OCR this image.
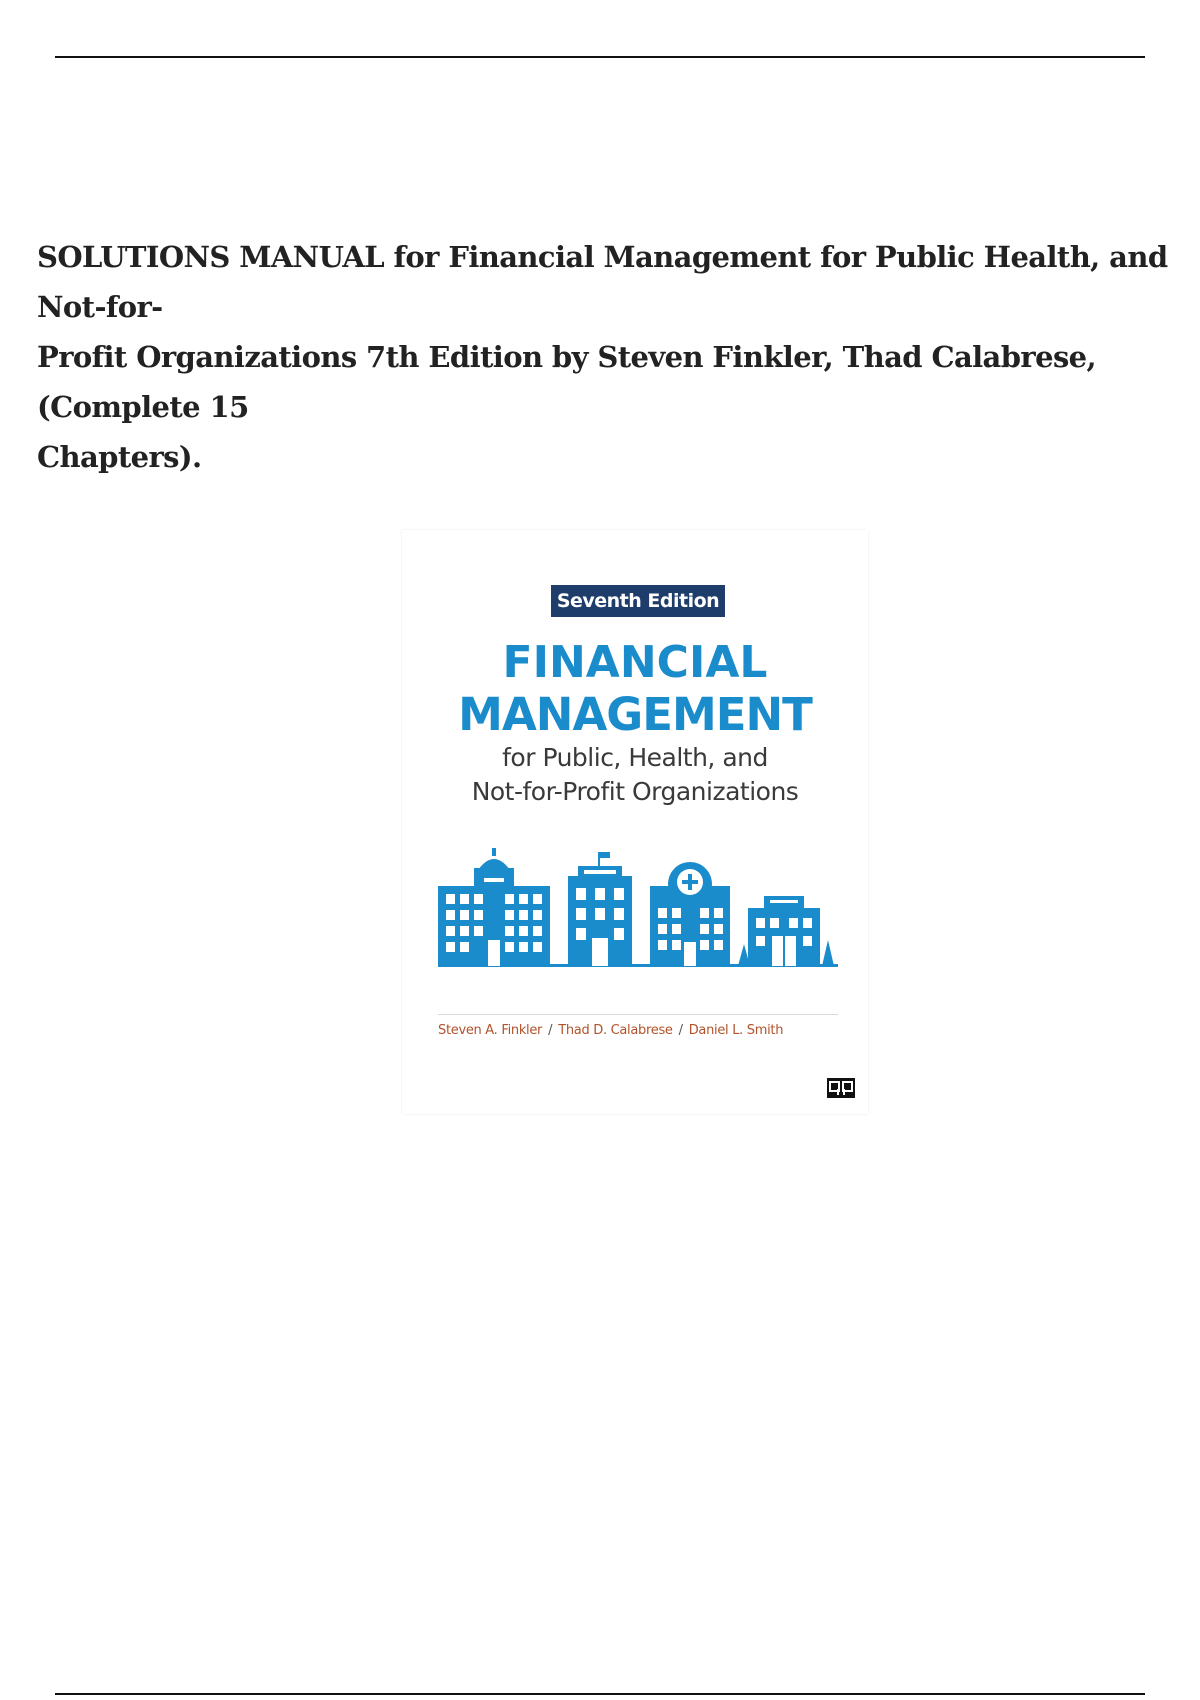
SOLUTIONS MANUAL for Financial Management for Public Health, and Not-for-
Profit Organizations 7th Edition by Steven Finkler, Thad Calabrese, (Complete 15
Chapters).
Seventh Edition
FINANCIAL
MANAGEMENT
for Public, Health, and
Not-for-Profit Organizations
Steven A. Finkler / Thad D. Calabrese / Daniel L. Smith
